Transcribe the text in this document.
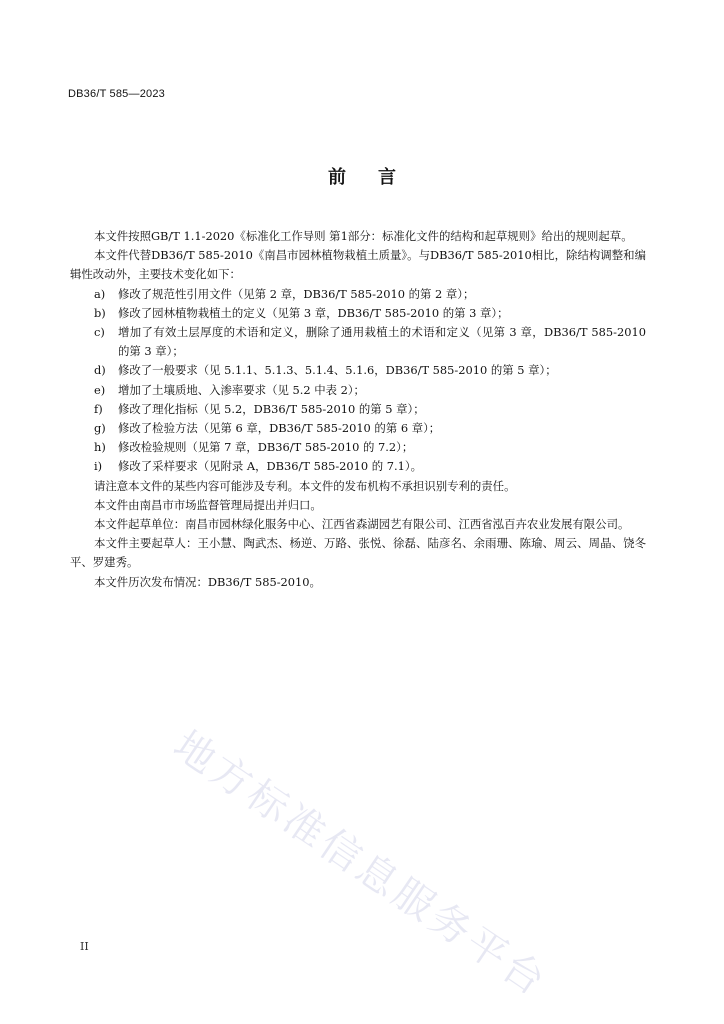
DB36/T 585—2023
前言
地方标准信息服务平台

本文件按照GB/T 1.1-2020《标准化工作导则 第1部分：标准化文件的结构和起草规则》给出的规则起草。

本文件代替DB36/T 585-2010《南昌市园林植物栽植土质量》。与DB36/T 585-2010相比，除结构调整和编辑性改动外，主要技术变化如下：

a) 修改了规范性引用文件（见第 2 章，DB36/T 585-2010 的第 2 章）；

b) 修改了园林植物栽植土的定义（见第 3 章，DB36/T 585-2010 的第 3 章）；

c) 增加了有效土层厚度的术语和定义，删除了通用栽植土的术语和定义（见第 3 章，DB36/T 585-2010 的第 3 章）；

d) 修改了一般要求（见 5.1.1、5.1.3、5.1.4、5.1.6，DB36/T 585-2010 的第 5 章）；

e) 增加了土壤质地、入渗率要求（见 5.2 中表 2）；

f) 修改了理化指标（见 5.2，DB36/T 585-2010 的第 5 章）；

g) 修改了检验方法（见第 6 章，DB36/T 585-2010 的第 6 章）；

h) 修改检验规则（见第 7 章，DB36/T 585-2010 的 7.2）；

i) 修改了采样要求（见附录 A，DB36/T 585-2010 的 7.1）。

请注意本文件的某些内容可能涉及专利。本文件的发布机构不承担识别专利的责任。

本文件由南昌市市场监督管理局提出并归口。

本文件起草单位：南昌市园林绿化服务中心、江西省森湖园艺有限公司、江西省泓百卉农业发展有限公司。

本文件主要起草人：王小慧、陶武杰、杨逆、万路、张悦、徐磊、陆彦名、余雨珊、陈瑜、周云、周晶、饶冬平、罗建秀。

本文件历次发布情况：DB36/T 585-2010。

II
